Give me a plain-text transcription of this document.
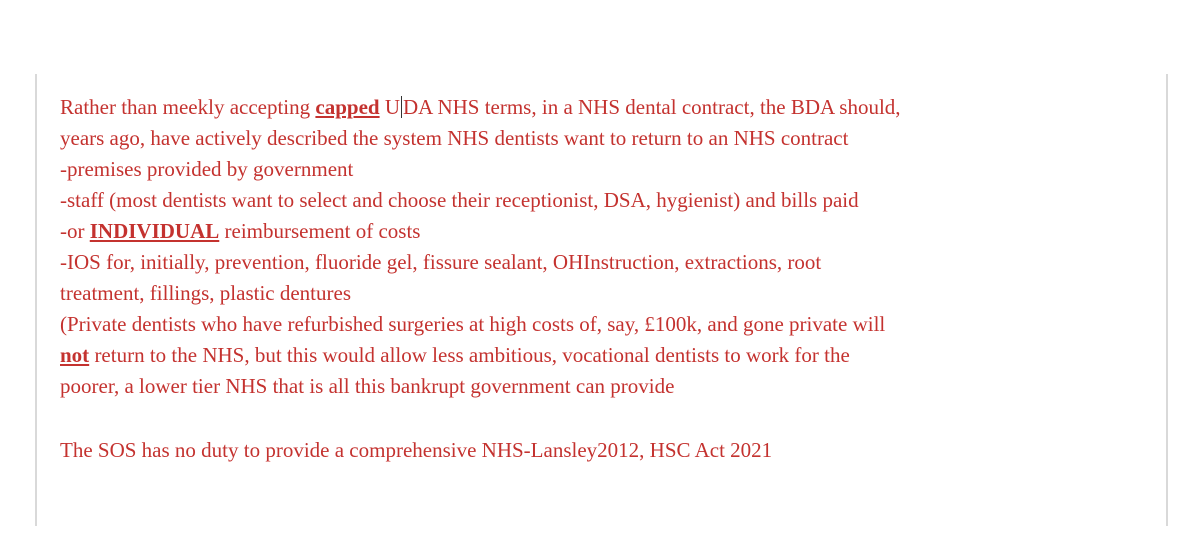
Rather than meekly accepting capped U DA NHS terms, in a NHS dental contract, the BDA should,
years ago, have actively described the system NHS dentists want to return to an NHS contract
-premises provided by government
-staff (most dentists want to select and choose their receptionist, DSA, hygienist) and bills paid
-or INDIVIDUAL reimbursement of costs
-IOS for, initially, prevention, fluoride gel, fissure sealant, OHInstruction, extractions, root
treatment, fillings, plastic dentures
(Private dentists who have refurbished surgeries at high costs of, say, £100k, and gone private will
not return to the NHS, but this would allow less ambitious, vocational dentists to work for the
poorer, a lower tier NHS that is all this bankrupt government can provide
The SOS has no duty to provide a comprehensive NHS-Lansley2012, HSC Act 2021
